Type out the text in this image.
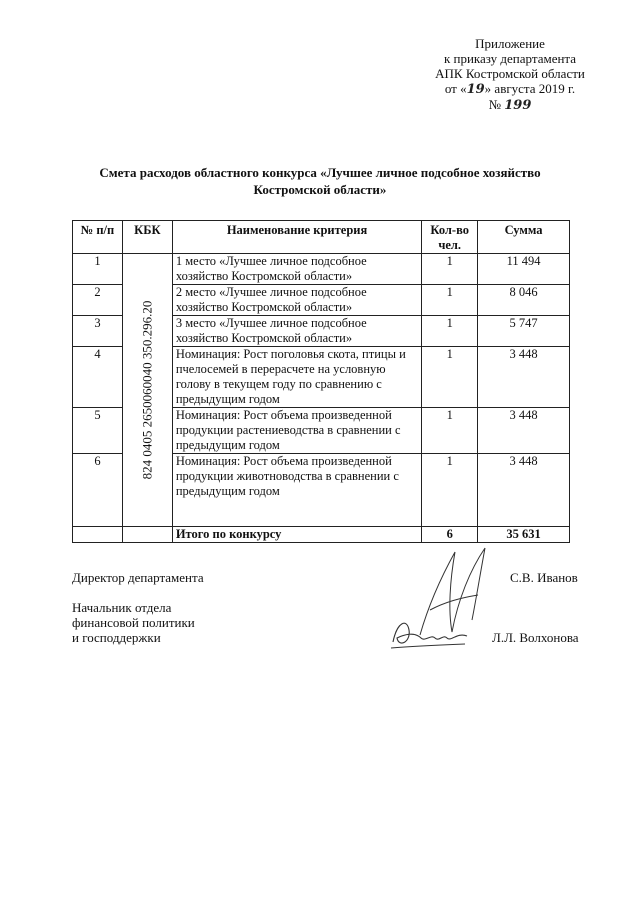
Приложение
к приказу департамента
АПК Костромской области
от «19» августа 2019 г.
№ 199
Смета расходов областного конкурса «Лучшее личное подсобное хозяйство
Костромской области»
№ п/п	КБК	Наименование критерия	Кол-во чел.	Сумма
1	824 0405 2650060040 350.296.20	1 место «Лучшее личное подсобное хозяйство Костромской области»	1	11 494
2		2 место «Лучшее личное подсобное хозяйство Костромской области»	1	8 046
3		3 место «Лучшее личное подсобное хозяйство Костромской области»	1	5 747
4		Номинация: Рост поголовья скота, птицы и пчелосемей в перерасчете на условную голову в текущем году по сравнению с предыдущим годом	1	3 448
5		Номинация: Рост объема произведенной продукции растениеводства в сравнении с предыдущим годом	1	3 448
6		Номинация: Рост объема произведенной продукции животноводства в сравнении с предыдущим годом	1	3 448
		Итого по конкурсу	6	35 631
Директор департамента	С.В. Иванов
Начальник отдела
финансовой политики
и господдержки	Л.Л. Волхонова
